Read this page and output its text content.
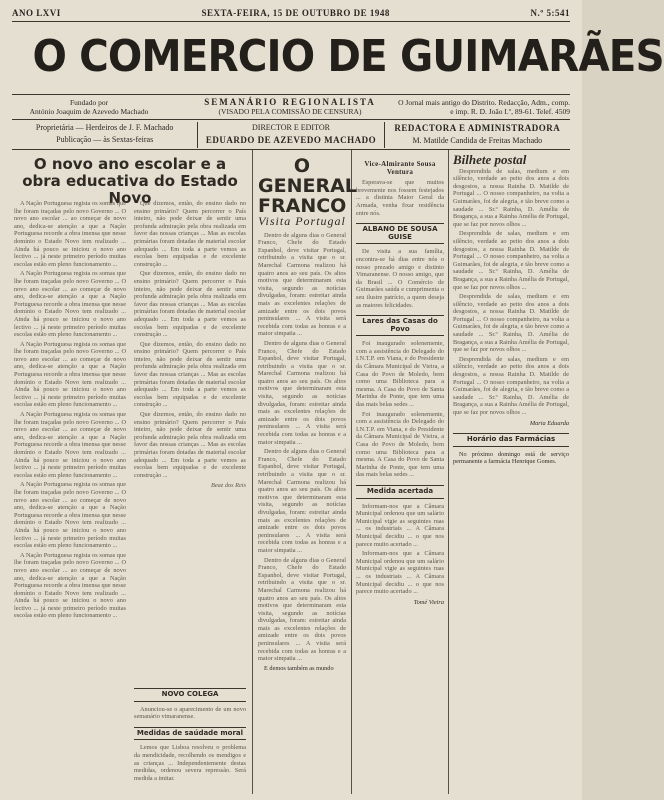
ANO LXVI	SEXTA-FEIRA, 15 DE OUTUBRO DE 1948	N.º 5:541
O COMERCIO DE GUIMARÃES
Fundado por
António Joaquim de Azevedo Machado
SEMANÁRIO REGIONALISTA
(VISADO PELA COMISSÃO DE CENSURA)
O Jornal mais antigo do Distrito. Redacção, Adm., comp. e imp. R. D. João I.º, 89-61. Telef. 4509
Proprietária — Herdeiros de J. F. Machado
Publicação — às Sextas-feiras
DIRECTOR E EDITOR
EDUARDO DE AZEVEDO MACHADO
REDACTORA E ADMINISTRADORA
M. Matilde Candida de Freitas Machado
O novo ano escolar e a obra educativa do Estado Novo

A Nação Portuguesa regista os somas que lhe foram traçadas pelo novo Governo ... O novo ano escolar ... ao começar de novo ano, dedica-se atenção a que a Nação Portuguesa recorde a obra imensa que nesse domínio o Estado Novo tem realizado ... Ainda há pouco se iniciou o novo ano lectivo ... já neste primeiro período muitas escolas estão em pleno funcionamento ...

A Nação Portuguesa regista os somas que lhe foram traçadas pelo novo Governo ... O novo ano escolar ... ao começar de novo ano, dedica-se atenção a que a Nação Portuguesa recorde a obra imensa que nesse domínio o Estado Novo tem realizado ... Ainda há pouco se iniciou o novo ano lectivo ... já neste primeiro período muitas escolas estão em pleno funcionamento ...

A Nação Portuguesa regista os somas que lhe foram traçadas pelo novo Governo ... O novo ano escolar ... ao começar de novo ano, dedica-se atenção a que a Nação Portuguesa recorde a obra imensa que nesse domínio o Estado Novo tem realizado ... Ainda há pouco se iniciou o novo ano lectivo ... já neste primeiro período muitas escolas estão em pleno funcionamento ...

A Nação Portuguesa regista os somas que lhe foram traçadas pelo novo Governo ... O novo ano escolar ... ao começar de novo ano, dedica-se atenção a que a Nação Portuguesa recorde a obra imensa que nesse domínio o Estado Novo tem realizado ... Ainda há pouco se iniciou o novo ano lectivo ... já neste primeiro período muitas escolas estão em pleno funcionamento ...

A Nação Portuguesa regista os somas que lhe foram traçadas pelo novo Governo ... O novo ano escolar ... ao começar de novo ano, dedica-se atenção a que a Nação Portuguesa recorde a obra imensa que nesse domínio o Estado Novo tem realizado ... Ainda há pouco se iniciou o novo ano lectivo ... já neste primeiro período muitas escolas estão em pleno funcionamento ...

A Nação Portuguesa regista os somas que lhe foram traçadas pelo novo Governo ... O novo ano escolar ... ao começar de novo ano, dedica-se atenção a que a Nação Portuguesa recorde a obra imensa que nesse domínio o Estado Novo tem realizado ... Ainda há pouco se iniciou o novo ano lectivo ... já neste primeiro período muitas escolas estão em pleno funcionamento ...

Que dizemos, então, do ensino dado no ensino primário? Quem percorrer o País inteiro, não pode deixar de sentir uma profunda admiração pela obra realizada em favor das nossas crianças ... Mas as escolas primárias foram dotadas de material escolar adequado ... Em toda a parte vemos as escolas bem equipadas e de excelente construção ...

Que dizemos, então, do ensino dado no ensino primário? Quem percorrer o País inteiro, não pode deixar de sentir uma profunda admiração pela obra realizada em favor das nossas crianças ... Mas as escolas primárias foram dotadas de material escolar adequado ... Em toda a parte vemos as escolas bem equipadas e de excelente construção ...

Que dizemos, então, do ensino dado no ensino primário? Quem percorrer o País inteiro, não pode deixar de sentir uma profunda admiração pela obra realizada em favor das nossas crianças ... Mas as escolas primárias foram dotadas de material escolar adequado ... Em toda a parte vemos as escolas bem equipadas e de excelente construção ...

Que dizemos, então, do ensino dado no ensino primário? Quem percorrer o País inteiro, não pode deixar de sentir uma profunda admiração pela obra realizada em favor das nossas crianças ... Mas as escolas primárias foram dotadas de material escolar adequado ... Em toda a parte vemos as escolas bem equipadas e de excelente construção ...

Beaz dos Reis
NOVO COLEGA

Anunciou-se o aparecimento de um novo semanário vimaranense.

Medidas de saúdade moral

Lemos que Lisboa resolveu o problema da mendicidade, recolhendo os mendigos e as crianças ... Independentemente destas medidas, ordenou severa repressão. Será medida a imitar.

O GENERAL FRANCO
Visita Portugal

Dentro de alguns dias o General Franco, Chefe do Estado Espanhol, deve visitar Portugal, retribuindo a visita que o sr. Marechal Carmona realizou há quatro anos ao seu país. Os altos motivos que determinaram esta visita, segundo as notícias divulgadas, foram: estreitar ainda mais as excelentes relações de amizade entre os dois povos peninsulares ... A visita será recebida com todas as honras e a maior simpatia ...

Dentro de alguns dias o General Franco, Chefe do Estado Espanhol, deve visitar Portugal, retribuindo a visita que o sr. Marechal Carmona realizou há quatro anos ao seu país. Os altos motivos que determinaram esta visita, segundo as notícias divulgadas, foram: estreitar ainda mais as excelentes relações de amizade entre os dois povos peninsulares ... A visita será recebida com todas as honras e a maior simpatia ...

Dentro de alguns dias o General Franco, Chefe do Estado Espanhol, deve visitar Portugal, retribuindo a visita que o sr. Marechal Carmona realizou há quatro anos ao seu país. Os altos motivos que determinaram esta visita, segundo as notícias divulgadas, foram: estreitar ainda mais as excelentes relações de amizade entre os dois povos peninsulares ... A visita será recebida com todas as honras e a maior simpatia ...

Dentro de alguns dias o General Franco, Chefe do Estado Espanhol, deve visitar Portugal, retribuindo a visita que o sr. Marechal Carmona realizou há quatro anos ao seu país. Os altos motivos que determinaram esta visita, segundo as notícias divulgadas, foram: estreitar ainda mais as excelentes relações de amizade entre os dois povos peninsulares ... A visita será recebida com todas as honras e a maior simpatia ...

E demos também as mundo

Vice-Almirante Sousa Ventura

Esperava-se que muitos brevemente nos fossem festejados ... a distinta Maior Geral da Armada, venha fixar residência entre nós.

ALBANO DE SOUSA GUISE

De visita a sua família, encontra-se há dias entre nós o nosso prezado amigo e distinto Vimaranense. O nosso amigo, que da Brasil ... O Comércio de Guimarães saúda e cumprimenta o seu ilustre patrício, a quem deseja as maiores felicidades.

Lares das Casas do Povo

Foi inaugurado solenemente, com a assistência do Delegado do I.N.T.P. em Viana, e do Presidente da Câmara Municipal de Vieira, a Casa do Povo de Moledo, bem como uma Biblioteca para a mesma. A Casa do Povo de Santa Marinha de Ponte, que tem uma das mais belas sedes ...

Foi inaugurado solenemente, com a assistência do Delegado do I.N.T.P. em Viana, e do Presidente da Câmara Municipal de Vieira, a Casa do Povo de Moledo, bem como uma Biblioteca para a mesma. A Casa do Povo de Santa Marinha de Ponte, que tem uma das mais belas sedes ...

Medida acertada

Informam-nos que a Câmara Municipal ordenou que um salário Municipal vigie as seguintes ruas ... os industriais ... A Câmara Municipal decidiu ... o que nos parece muito acertado ...

Informam-nos que a Câmara Municipal ordenou que um salário Municipal vigie as seguintes ruas ... os industriais ... A Câmara Municipal decidiu ... o que nos parece muito acertado ...

Tomé Vieira
Bilhete postal

Desprendida de salas, medium e em silêncio, verdade ao peito dos anos a dois desgostos, a nossa Rainha D. Matilde de Portugal ... O nosso companheiro, na volta a Guimarães, foi de alegria, e tão breve como a saudade ... Sr.º Rainha, D. Amélia de Bragança, a sua a Rainha Amélia de Portugal, que se faz por novos olhos ...

Desprendida de salas, medium e em silêncio, verdade ao peito dos anos a dois desgostos, a nossa Rainha D. Matilde de Portugal ... O nosso companheiro, na volta a Guimarães, foi de alegria, e tão breve como a saudade ... Sr.º Rainha, D. Amélia de Bragança, a sua a Rainha Amélia de Portugal, que se faz por novos olhos ...

Desprendida de salas, medium e em silêncio, verdade ao peito dos anos a dois desgostos, a nossa Rainha D. Matilde de Portugal ... O nosso companheiro, na volta a Guimarães, foi de alegria, e tão breve como a saudade ... Sr.º Rainha, D. Amélia de Bragança, a sua a Rainha Amélia de Portugal, que se faz por novos olhos ...

Desprendida de salas, medium e em silêncio, verdade ao peito dos anos a dois desgostos, a nossa Rainha D. Matilde de Portugal ... O nosso companheiro, na volta a Guimarães, foi de alegria, e tão breve como a saudade ... Sr.º Rainha, D. Amélia de Bragança, a sua a Rainha Amélia de Portugal, que se faz por novos olhos ...

Maria Eduarda
Horário das Farmácias

No próximo domingo está de serviço permanente a farmácia Henrique Gomes.
